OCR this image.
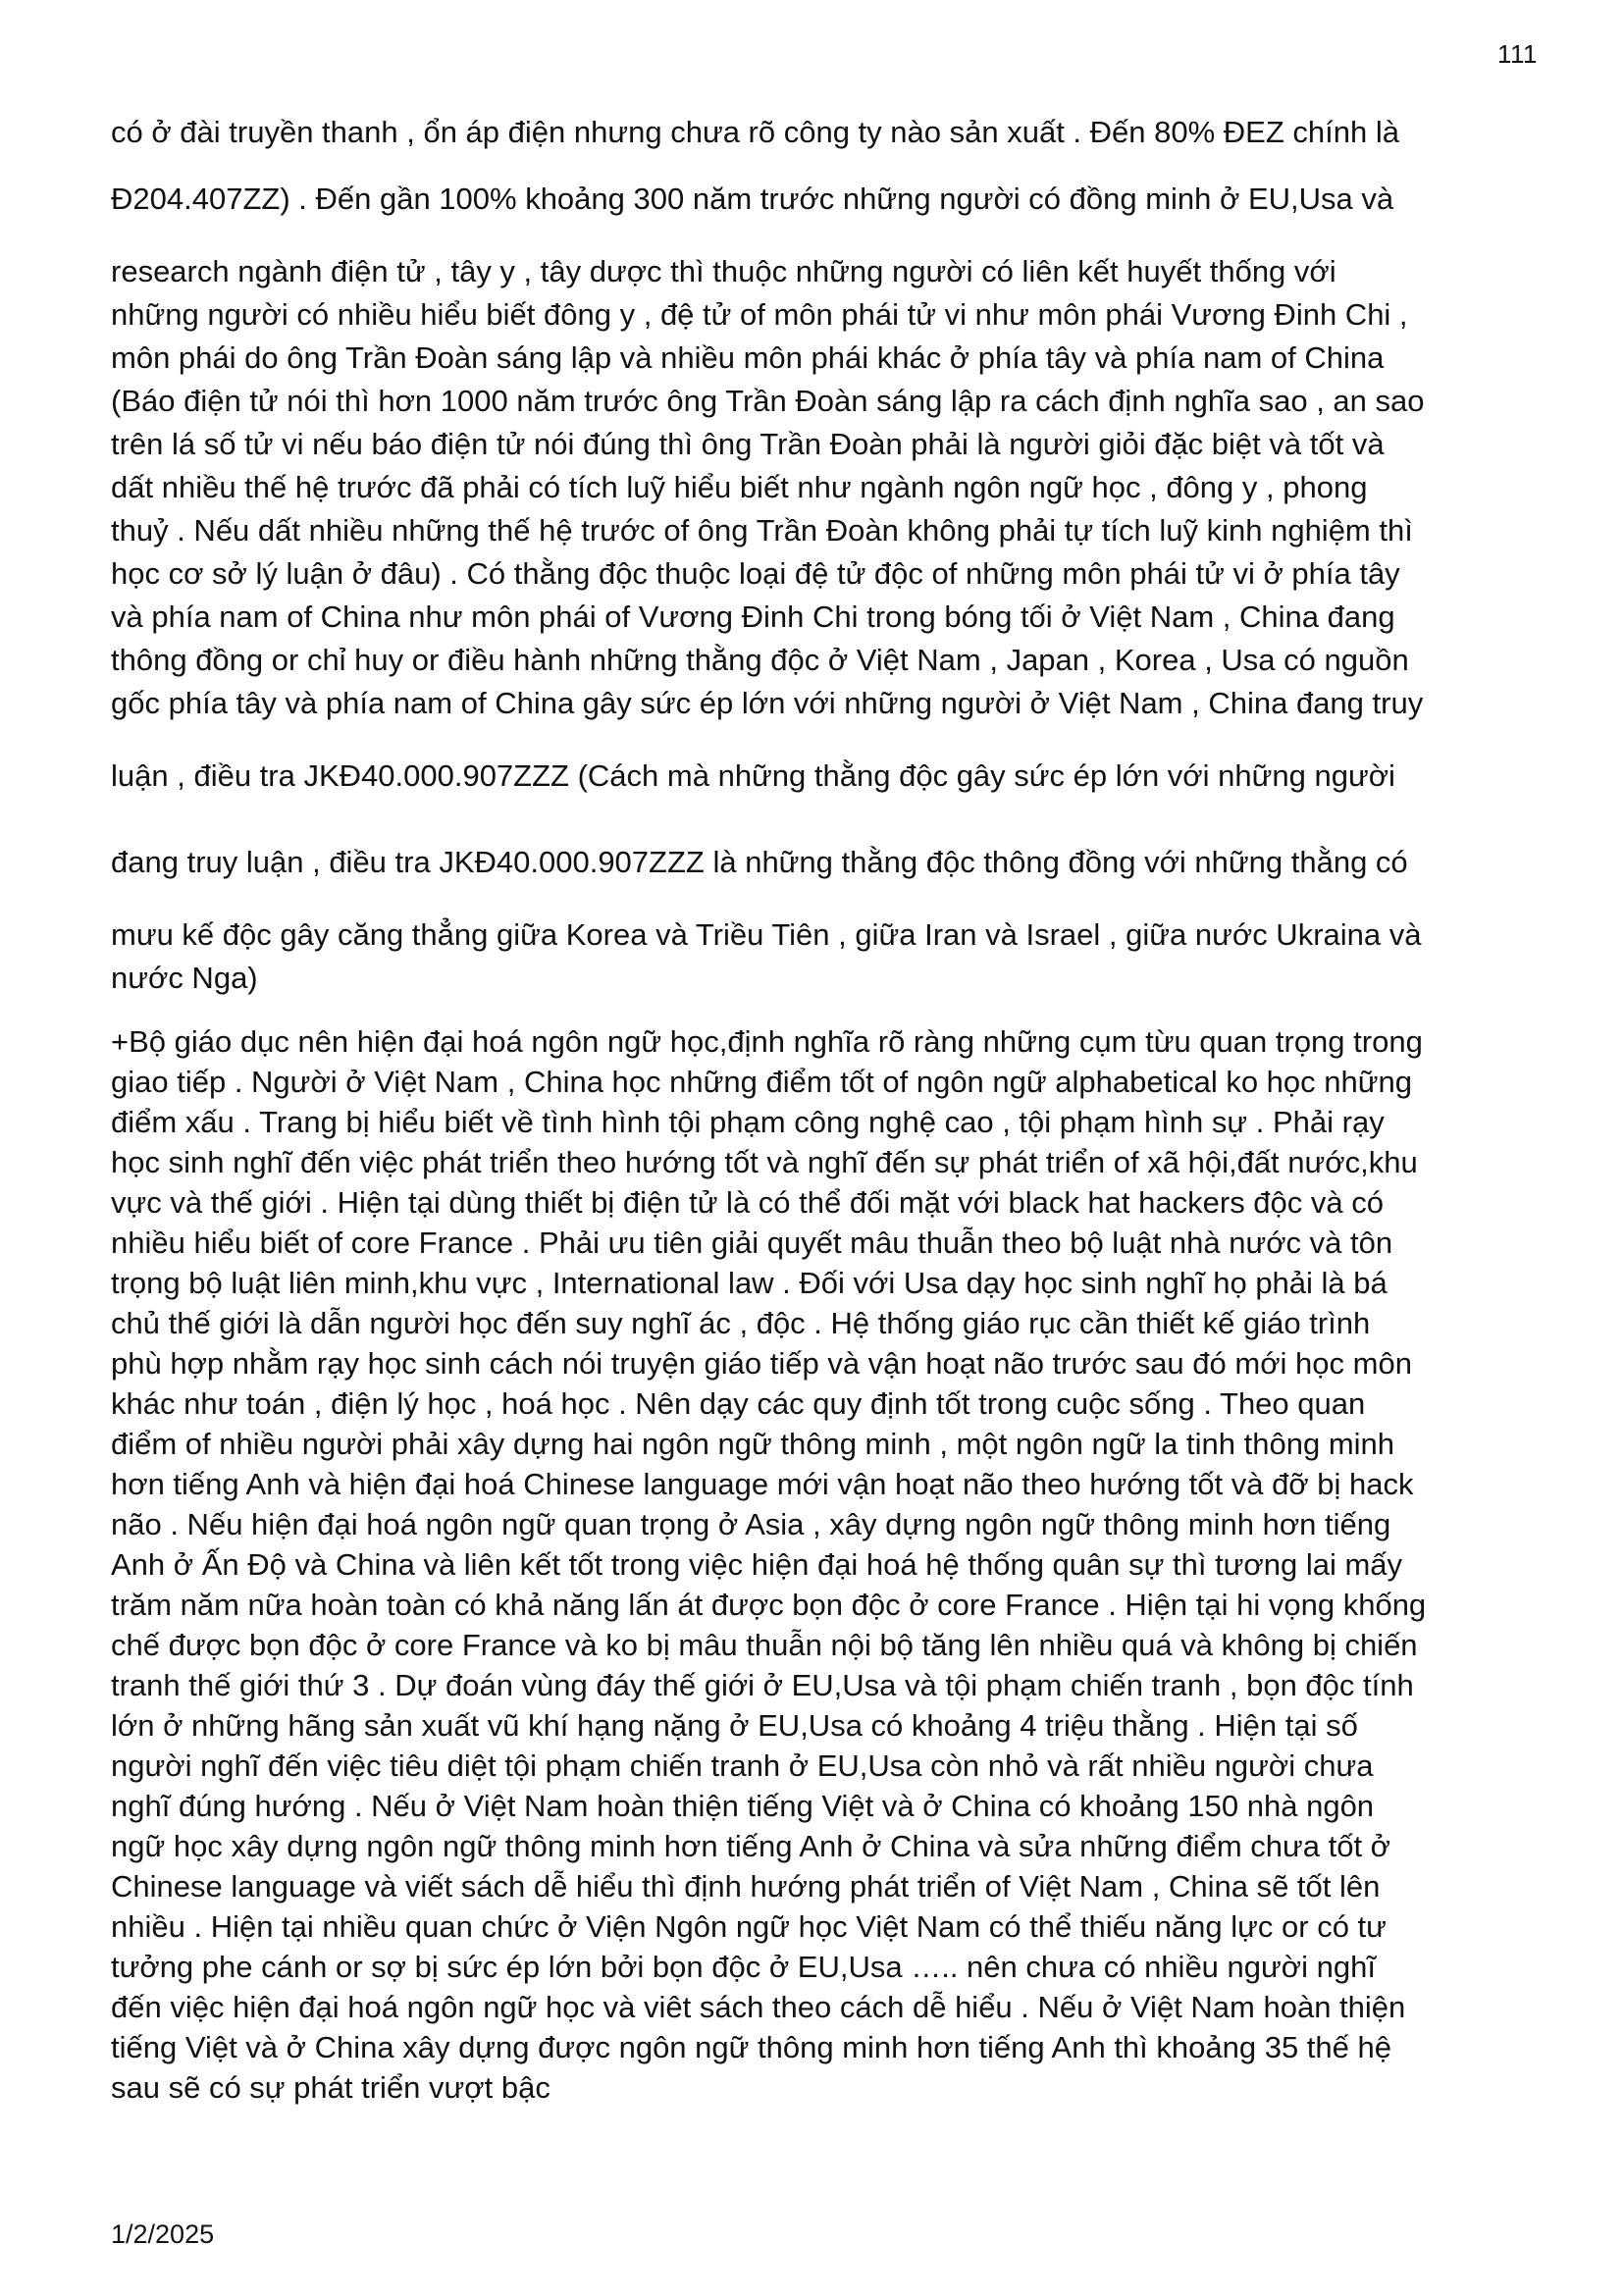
111
có ở đài truyền thanh , ổn áp điện nhưng chưa rõ công ty nào sản xuất . Đến 80% ĐEZ chính là
Đ204.407ZZ) . Đến gần 100% khoảng 300 năm trước những người có đồng minh ở EU,Usa và
research ngành điện tử , tây y , tây dược thì thuộc những người có liên kết huyết thống với
những người có nhiều hiểu biết đông y , đệ tử of môn phái tử vi như môn phái Vương Đinh Chi ,
môn phái do ông Trần Đoàn sáng lập và nhiều môn phái khác ở phía tây và phía nam of China
(Báo điện tử nói thì hơn 1000 năm trước ông Trần Đoàn sáng lập ra cách định nghĩa sao , an sao
trên lá số tử vi nếu báo điện tử nói đúng thì ông Trần Đoàn phải là người giỏi đặc biệt và tốt và
dất nhiều thế hệ trước đã phải có tích luỹ hiểu biết như ngành ngôn ngữ học , đông y , phong
thuỷ . Nếu dất nhiều những thế hệ trước of ông Trần Đoàn không phải tự tích luỹ kinh nghiệm thì
học cơ sở lý luận ở đâu) . Có thằng độc thuộc loại đệ tử độc of những môn phái tử vi ở phía tây
và phía nam of China như môn phái of Vương Đinh Chi trong bóng tối ở Việt Nam , China đang
thông đồng or chỉ huy or điều hành những thằng độc ở Việt Nam , Japan , Korea , Usa có nguồn
gốc phía tây và phía nam of China gây sức ép lớn với những người ở Việt Nam , China đang truy
luận , điều tra JKĐ40.000.907ZZZ (Cách mà những thằng độc gây sức ép lớn với những người
đang truy luận , điều tra JKĐ40.000.907ZZZ là những thằng độc thông đồng với những thằng có
mưu kế độc gây căng thẳng giữa Korea và Triều Tiên , giữa Iran và Israel , giữa nước Ukraina và
nước Nga)
+Bộ giáo dục nên hiện đại hoá ngôn ngữ học,định nghĩa rõ ràng những cụm từu quan trọng trong
giao tiếp . Người ở Việt Nam , China học những điểm tốt of ngôn ngữ alphabetical ko học những
điểm xấu . Trang bị hiểu biết về tình hình tội phạm công nghệ cao , tội phạm hình sự . Phải rạy
học sinh nghĩ đến việc phát triển theo hướng tốt và nghĩ đến sự phát triển of xã hội,đất nước,khu
vực và thế giới . Hiện tại dùng thiết bị điện tử là có thể đối mặt với black hat hackers độc và có
nhiều hiểu biết of core France . Phải ưu tiên giải quyết mâu thuẫn theo bộ luật nhà nước và tôn
trọng bộ luật liên minh,khu vực , International law . Đối với Usa dạy học sinh nghĩ họ phải là bá
chủ thế giới là dẫn người học đến suy nghĩ ác , độc . Hệ thống giáo rục cần thiết kế giáo trình
phù hợp nhằm rạy học sinh cách nói truyện giáo tiếp và vận hoạt não trước sau đó mới học môn
khác như toán , điện lý học , hoá học . Nên dạy các quy định tốt trong cuộc sống . Theo quan
điểm of nhiều người phải xây dựng hai ngôn ngữ thông minh , một ngôn ngữ la tinh thông minh
hơn tiếng Anh và hiện đại hoá Chinese language mới vận hoạt não theo hướng tốt và đỡ bị hack
não . Nếu hiện đại hoá ngôn ngữ quan trọng ở Asia , xây dựng ngôn ngữ thông minh hơn tiếng
Anh ở Ấn Độ và China và liên kết tốt trong việc hiện đại hoá hệ thống quân sự thì tương lai mấy
trăm năm nữa hoàn toàn có khả năng lấn át được bọn độc ở core France . Hiện tại hi vọng khống
chế được bọn độc ở core France và ko bị mâu thuẫn nội bộ tăng lên nhiều quá và không bị chiến
tranh thế giới thứ 3 . Dự đoán vùng đáy thế giới ở EU,Usa và tội phạm chiến tranh , bọn độc tính
lớn ở những hãng sản xuất vũ khí hạng nặng ở EU,Usa có khoảng 4 triệu thằng . Hiện tại số
người nghĩ đến việc tiêu diệt tội phạm chiến tranh ở EU,Usa còn nhỏ và rất nhiều người chưa
nghĩ đúng hướng . Nếu ở Việt Nam hoàn thiện tiếng Việt và ở China có khoảng 150 nhà ngôn
ngữ học xây dựng ngôn ngữ thông minh hơn tiếng Anh ở China và sửa những điểm chưa tốt ở
Chinese language và viết sách dễ hiểu thì định hướng phát triển of Việt Nam , China sẽ tốt lên
nhiều . Hiện tại nhiều quan chức ở Viện Ngôn ngữ học Việt Nam có thể thiếu năng lực or có tư
tưởng phe cánh or sợ bị sức ép lớn bởi bọn độc ở EU,Usa ….. nên chưa có nhiều người nghĩ
đến việc hiện đại hoá ngôn ngữ học và viêt sách theo cách dễ hiểu . Nếu ở Việt Nam hoàn thiện
tiếng Việt và ở China xây dựng được ngôn ngữ thông minh hơn tiếng Anh thì khoảng 35 thế hệ
sau sẽ có sự phát triển vượt bậc
1/2/2025
